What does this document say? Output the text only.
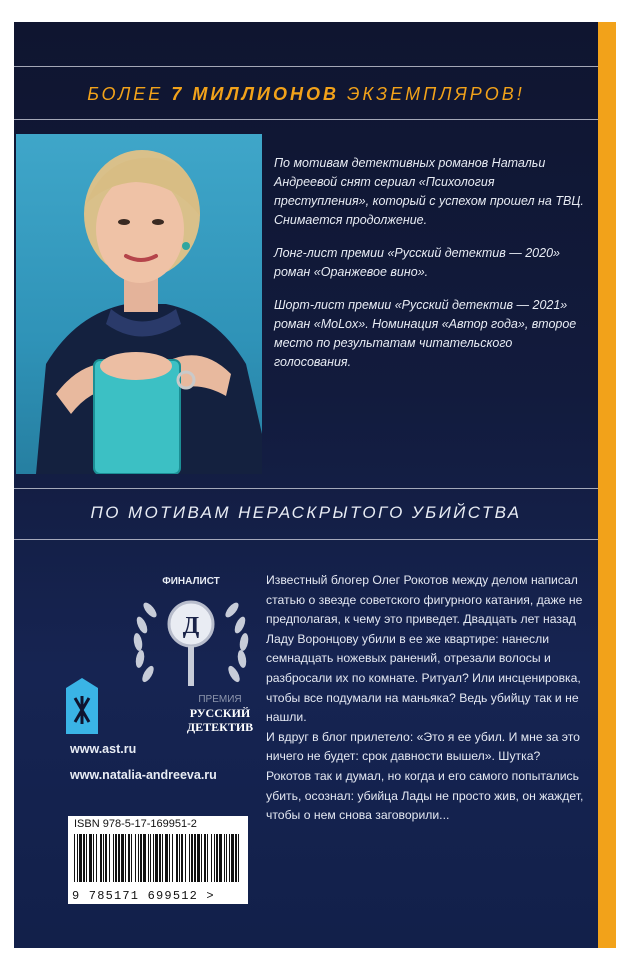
БОЛЕЕ 7 МИЛЛИОНОВ ЭКЗЕМПЛЯРОВ!

По мотивам детективных романов Натальи Андреевой снят сериал «Психология преступления», который с успехом прошел на ТВЦ. Снимается продолжение.

Лонг-лист премии «Русский детектив — 2020» роман «Оранжевое вино».

Шорт-лист премии «Русский детектив — 2021» роман «MoLox». Номинация «Автор года», второе место по результатам читательского голосования.

ПО МОТИВАМ НЕРАСКРЫТОГО УБИЙСТВА
ФИНАЛИСТ
Д
ПРЕМИЯ
РУССКИЙ
ДЕТЕКТИВ
www.ast.ru
www.natalia-andreeva.ru
ISBN 978-5-17-169951-2
9 785171 699512 >

Известный блогер Олег Рокотов между делом написал статью о звезде советского фигурного катания, даже не предполагая, к чему это приведет. Двадцать лет назад Ладу Воронцову убили в ее же квартире: нанесли семнадцать ножевых ранений, отрезали волосы и разбросали их по комнате. Ритуал? Или инсценировка, чтобы все подумали на маньяка? Ведь убийцу так и не нашли.

И вдруг в блог прилетело: «Это я ее убил. И мне за это ничего не будет: срок давности вышел». Шутка? Рокотов так и думал, но когда и его самого попытались убить, осознал: убийца Лады не просто жив, он жаждет, чтобы о нем снова заговорили...
